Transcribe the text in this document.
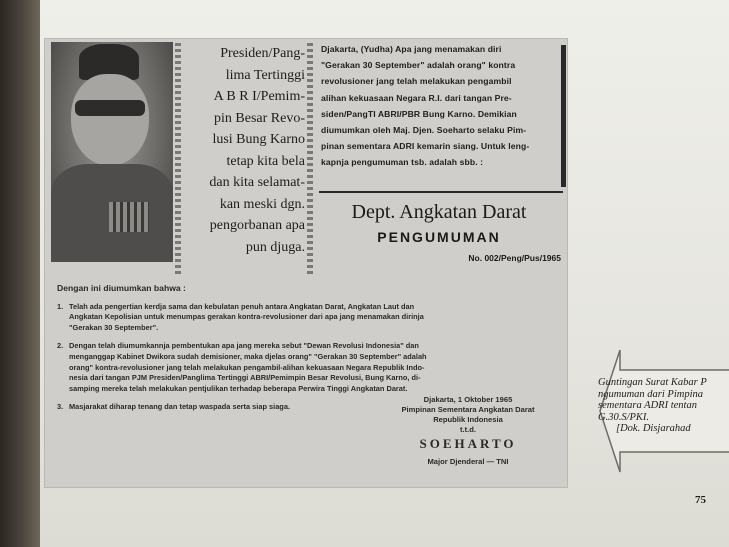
Presiden/Pang-
lima Tertinggi
A B R I/Pemim-
pin Besar Revo-
lusi Bung Karno
tetap kita bela
dan kita selamat-
kan meski dgn.
pengorbanan apa
pun djuga.
Djakarta, (Yudha) Apa jang menamakan diri
"Gerakan 30 September" adalah orang" kontra
revolusioner jang telah melakukan pengambil
alihan kekuasaan Negara R.I. dari tangan Pre-
siden/PangTI ABRI/PBR Bung Karno. Demikian
diumumkan oleh Maj. Djen. Soeharto selaku Pim-
pinan sementara ADRI kemarin siang. Untuk leng-
kapnja pengumuman tsb. adalah sbb. :
Dept. Angkatan Darat
PENGUMUMAN
No. 002/Peng/Pus/1965
Dengan ini diumumkan bahwa :
1. Telah ada pengertian kerdja sama dan kebulatan penuh antara Angkatan Darat, Angkatan Laut dan
Angkatan Kepolisian untuk menumpas gerakan kontra-revolusioner dari apa jang menamakan dirinja
"Gerakan 30 September".
2. Dengan telah diumumkannja pembentukan apa jang mereka sebut "Dewan Revolusi Indonesia" dan
menganggap Kabinet Dwikora sudah demisioner, maka djelas orang" "Gerakan 30 September" adalah
orang" kontra-revolusioner jang telah melakukan pengambil-alihan kekuasaan Negara Republik Indo-
nesia dari tangan PJM Presiden/Panglima Tertinggi ABRI/Pemimpin Besar Revolusi, Bung Karno, di-
samping mereka telah melakukan pentjulikan terhadap beberapa Perwira Tinggi Angkatan Darat.
3. Masjarakat diharap tenang dan tetap waspada serta siap siaga.
Djakarta, 1 Oktober 1965
Pimpinan Sementara Angkatan Darat
Republik Indonesia
t.t.d.
SOEHARTO
Major Djenderal — TNI
Guntingan Surat Kabar P
ngumuman dari Pimpina
sementara ADRI tentan
G.30.S/PKI.
[Dok. Disjarahad
75
